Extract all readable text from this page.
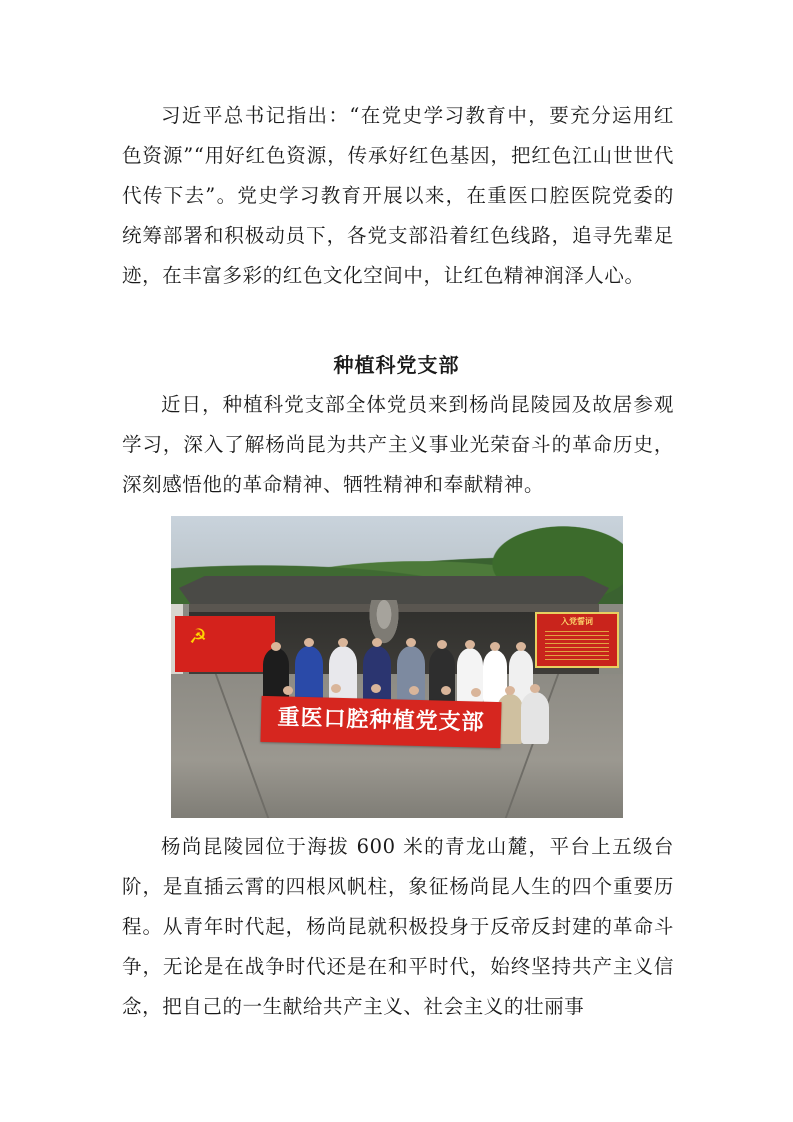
习近平总书记指出：“在党史学习教育中，要充分运用红色资源”“用好红色资源，传承好红色基因，把红色江山世世代代传下去”。党史学习教育开展以来，在重医口腔医院党委的统筹部署和积极动员下，各党支部沿着红色线路，追寻先辈足迹，在丰富多彩的红色文化空间中，让红色精神润泽人心。

种植科党支部

近日，种植科党支部全体党员来到杨尚昆陵园及故居参观学习，深入了解杨尚昆为共产主义事业光荣奋斗的革命历史，深刻感悟他的革命精神、牺牲精神和奉献精神。

☭
入党誓词
重医口腔种植党支部

杨尚昆陵园位于海拔 600 米的青龙山麓，平台上五级台阶，是直插云霄的四根风帆柱，象征杨尚昆人生的四个重要历程。从青年时代起，杨尚昆就积极投身于反帝反封建的革命斗争，无论是在战争时代还是在和平时代，始终坚持共产主义信念，把自己的一生献给共产主义、社会主义的壮丽事
